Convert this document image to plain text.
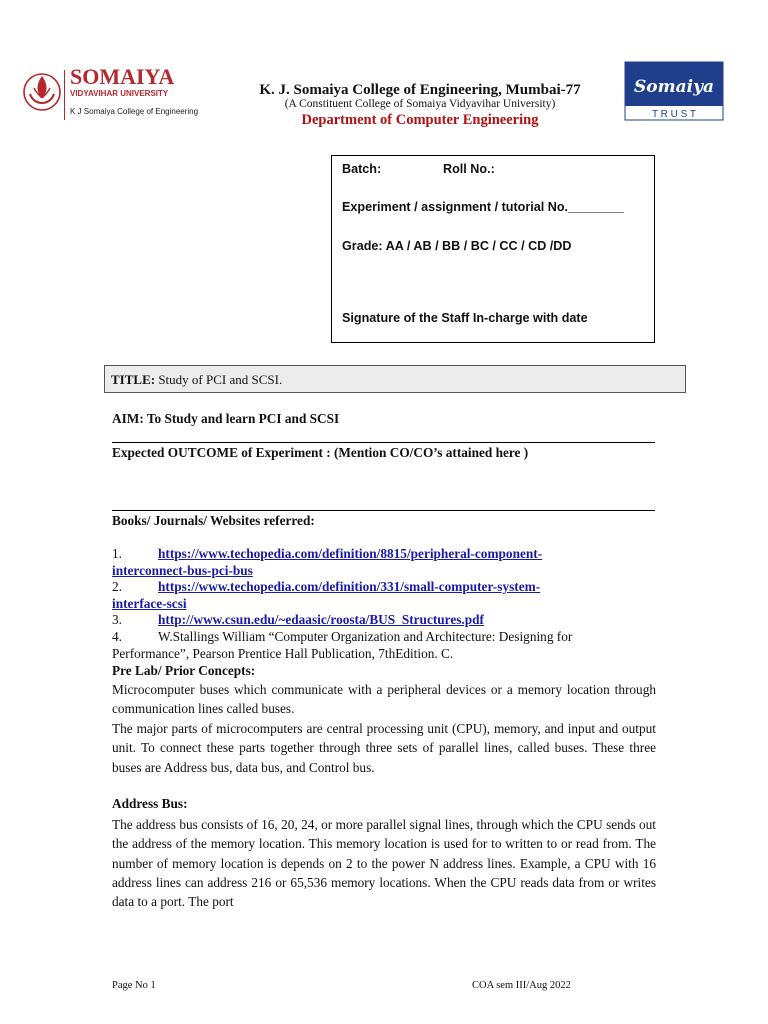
SOMAIYA
VIDYAVIHAR UNIVERSITY
K J Somaiya College of Engineering
Somaiya
T R U S T
K. J. Somaiya College of Engineering, Mumbai-77
(A Constituent College of Somaiya Vidyavihar University)
Department of Computer Engineering
Batch:	Roll No.:
Experiment / assignment / tutorial No.________
Grade: AA / AB / BB / BC / CC / CD /DD
Signature of the Staff In-charge with date
TITLE: Study of PCI and SCSI.
AIM: To Study and learn PCI and SCSI
Expected OUTCOME of Experiment : (Mention CO/CO’s attained here )
Books/ Journals/ Websites referred:
1.	https://www.techopedia.com/definition/8815/peripheral-component-
interconnect-bus-pci-bus
2.	https://www.techopedia.com/definition/331/small-computer-system-
interface-scsi
3.	http://www.csun.edu/~edaasic/roosta/BUS_Structures.pdf
4.	W.Stallings William “Computer Organization and Architecture: Designing for
Performance”, Pearson Prentice Hall Publication, 7thEdition. C.
Pre Lab/ Prior Concepts:
Microcomputer buses which communicate with a peripheral devices or a memory location through communication lines called buses.
The major parts of microcomputers are central processing unit (CPU), memory, and input and output unit. To connect these parts together through three sets of parallel lines, called buses. These three buses are Address bus, data bus, and Control bus.
Address Bus:
The address bus consists of 16, 20, 24, or more parallel signal lines, through which the CPU sends out the address of the memory location. This memory location is used for to written to or read from. The number of memory location is depends on 2 to the power N address lines. Example, a CPU with 16 address lines can address 216 or 65,536 memory locations. When the CPU reads data from or writes data to a port. The port
Page No 1	COA sem III/Aug 2022
